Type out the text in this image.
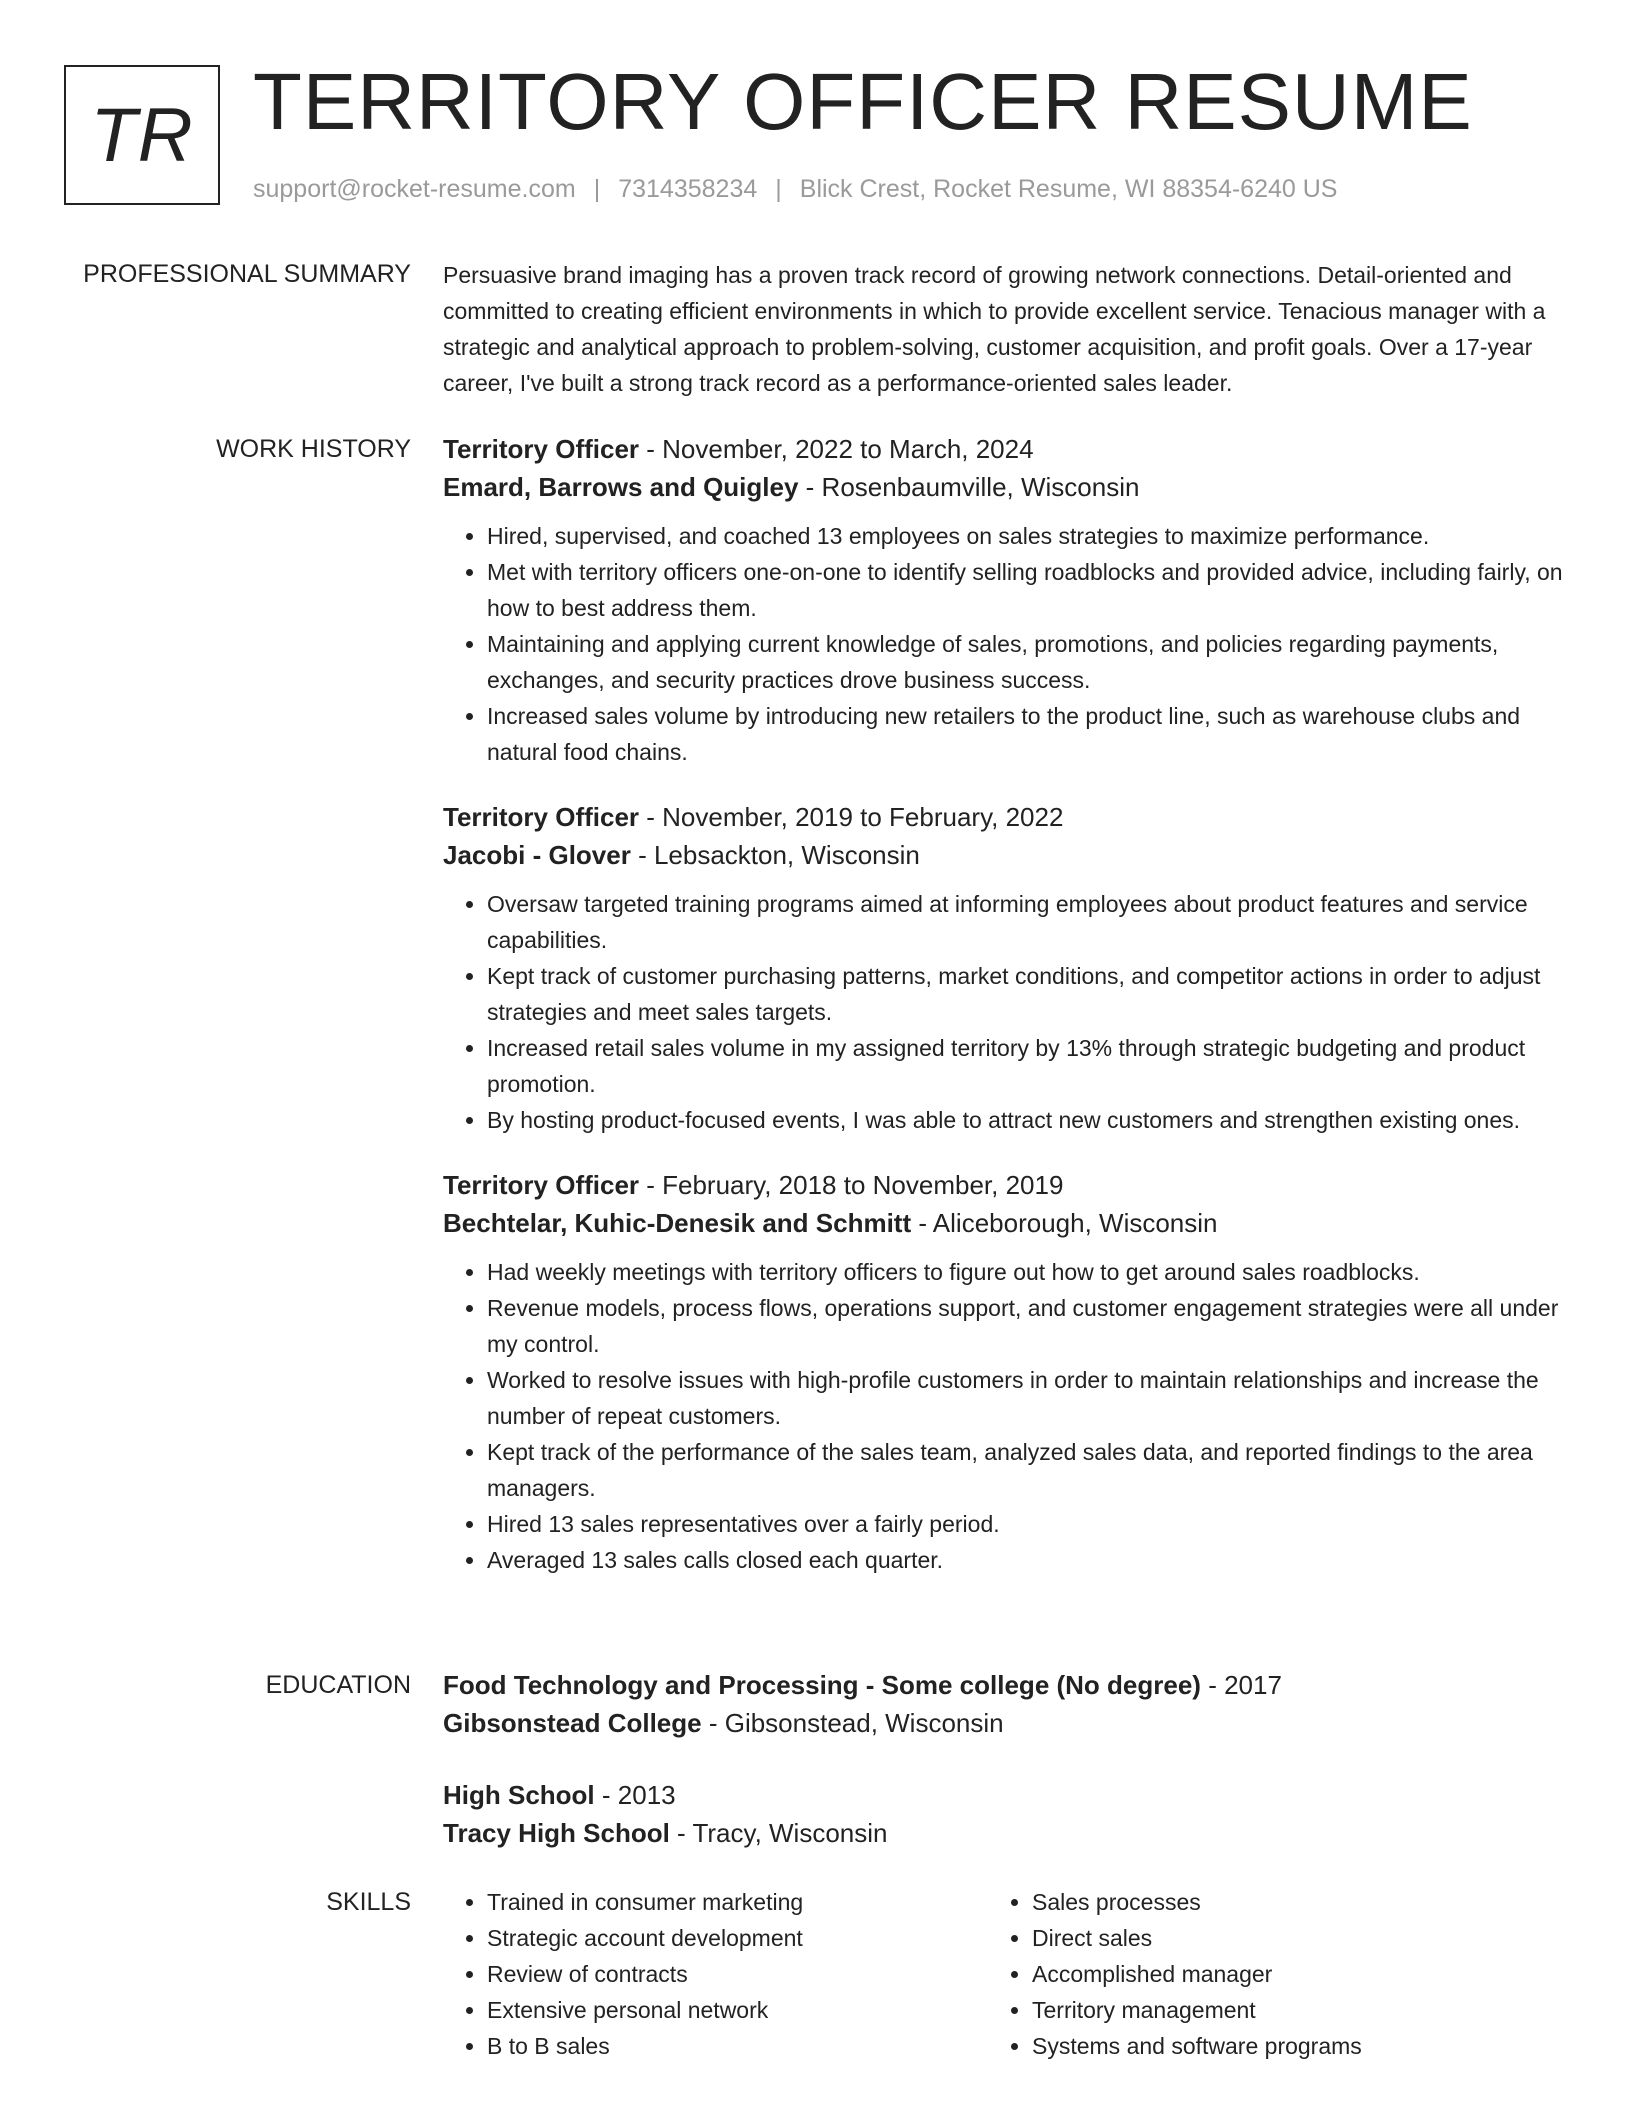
TR TERRITORY OFFICER RESUME
support@rocket-resume.com | 7314358234 | Blick Crest, Rocket Resume, WI 88354-6240 US
PROFESSIONAL SUMMARY Persuasive brand imaging has a proven track record of growing network connections. Detail-oriented and committed to creating efficient environments in which to provide excellent service. Tenacious manager with a strategic and analytical approach to problem-solving, customer acquisition, and profit goals. Over a 17-year career, I've built a strong track record as a performance-oriented sales leader.

WORK HISTORY Territory Officer - November, 2022 to March, 2024
Emard, Barrows and Quigley - Rosenbaumville, Wisconsin
• Hired, supervised, and coached 13 employees on sales strategies to maximize performance.
• Met with territory officers one-on-one to identify selling roadblocks and provided advice, including fairly, on how to best address them.
• Maintaining and applying current knowledge of sales, promotions, and policies regarding payments, exchanges, and security practices drove business success.
• Increased sales volume by introducing new retailers to the product line, such as warehouse clubs and natural food chains.
Territory Officer - November, 2019 to February, 2022
Jacobi - Glover - Lebsackton, Wisconsin
• Oversaw targeted training programs aimed at informing employees about product features and service capabilities.
• Kept track of customer purchasing patterns, market conditions, and competitor actions in order to adjust strategies and meet sales targets.
• Increased retail sales volume in my assigned territory by 13% through strategic budgeting and product promotion.
• By hosting product-focused events, I was able to attract new customers and strengthen existing ones.
Territory Officer - February, 2018 to November, 2019
Bechtelar, Kuhic-Denesik and Schmitt - Aliceborough, Wisconsin
• Had weekly meetings with territory officers to figure out how to get around sales roadblocks.
• Revenue models, process flows, operations support, and customer engagement strategies were all under my control.
• Worked to resolve issues with high-profile customers in order to maintain relationships and increase the number of repeat customers.
• Kept track of the performance of the sales team, analyzed sales data, and reported findings to the area managers.
• Hired 13 sales representatives over a fairly period.
• Averaged 13 sales calls closed each quarter.
EDUCATION Food Technology and Processing - Some college (No degree) - 2017
Gibsonstead College - Gibsonstead, Wisconsin
High School - 2013
Tracy High School - Tracy, Wisconsin
SKILLS
•	Trained in consumer marketing
• Strategic account development
• Review of contracts
• Extensive personal network
• B to B sales
• Sales processes
• Direct sales
• Accomplished manager
• Territory management
• Systems and software programs
